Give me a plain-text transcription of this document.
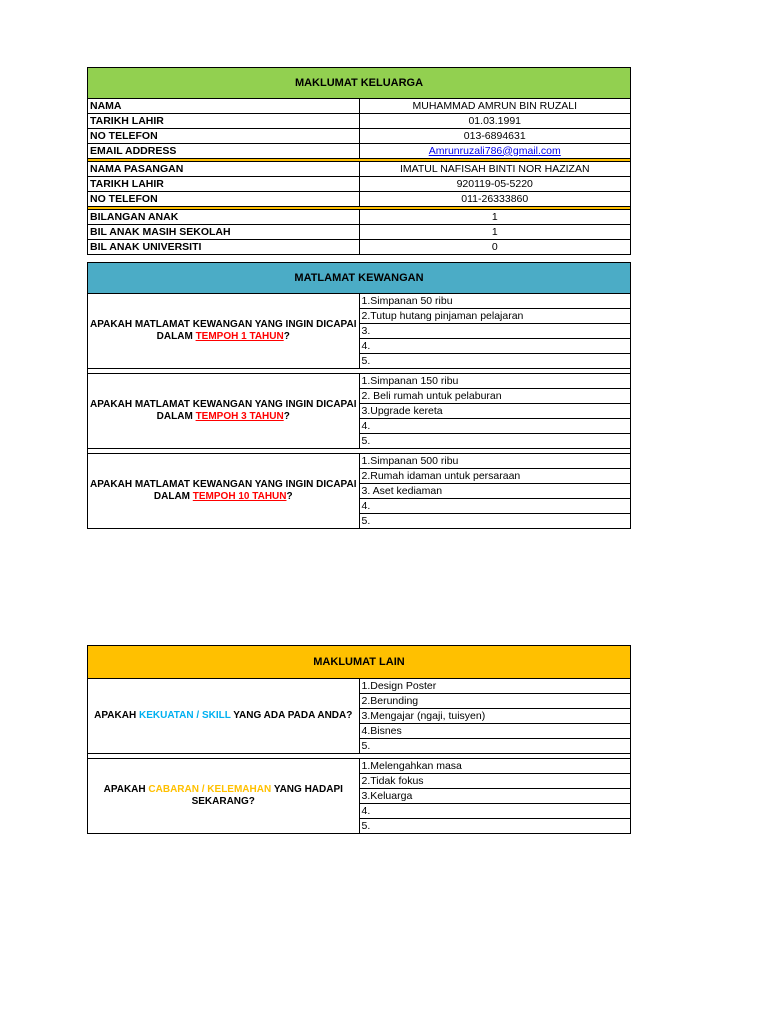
MAKLUMAT KELUARGA	
NAMA	MUHAMMAD AMRUN BIN RUZALI
TARIKH LAHIR	01.03.1991
NO TELEFON	013-6894631
EMAIL ADDRESS	Amrunruzali786@gmail.com

NAMA PASANGAN	IMATUL NAFISAH BINTI NOR HAZIZAN
TARIKH LAHIR	920119-05-5220
NO TELEFON	011-26333860

BILANGAN ANAK	1
BIL ANAK MASIH SEKOLAH	1
BIL ANAK UNIVERSITI	0
MATLAMAT KEWANGAN	
APAKAH MATLAMAT KEWANGAN YANG INGIN DICAPAI DALAM TEMPOH 1 TAHUN?	1.Simpanan 50 ribu
	2.Tutup hutang pinjaman pelajaran
	3.
	4.
	5.

APAKAH MATLAMAT KEWANGAN YANG INGIN DICAPAI DALAM TEMPOH 3 TAHUN?	1.Simpanan 150 ribu
	2. Beli rumah untuk pelaburan
	3.Upgrade kereta
	4.
	5.

APAKAH MATLAMAT KEWANGAN YANG INGIN DICAPAI DALAM TEMPOH 10 TAHUN?	1.Simpanan 500 ribu
	2.Rumah idaman untuk persaraan
	3. Aset kediaman
	4.
	5.
MAKLUMAT LAIN	
APAKAH KEKUATAN / SKILL YANG ADA PADA ANDA?	1.Design Poster
	2.Berunding
	3.Mengajar (ngaji, tuisyen)
	4.Bisnes
	5.

APAKAH CABARAN / KELEMAHAN YANG HADAPI SEKARANG?	1.Melengahkan masa
	2.Tidak fokus
	3.Keluarga
	4.
	5.
